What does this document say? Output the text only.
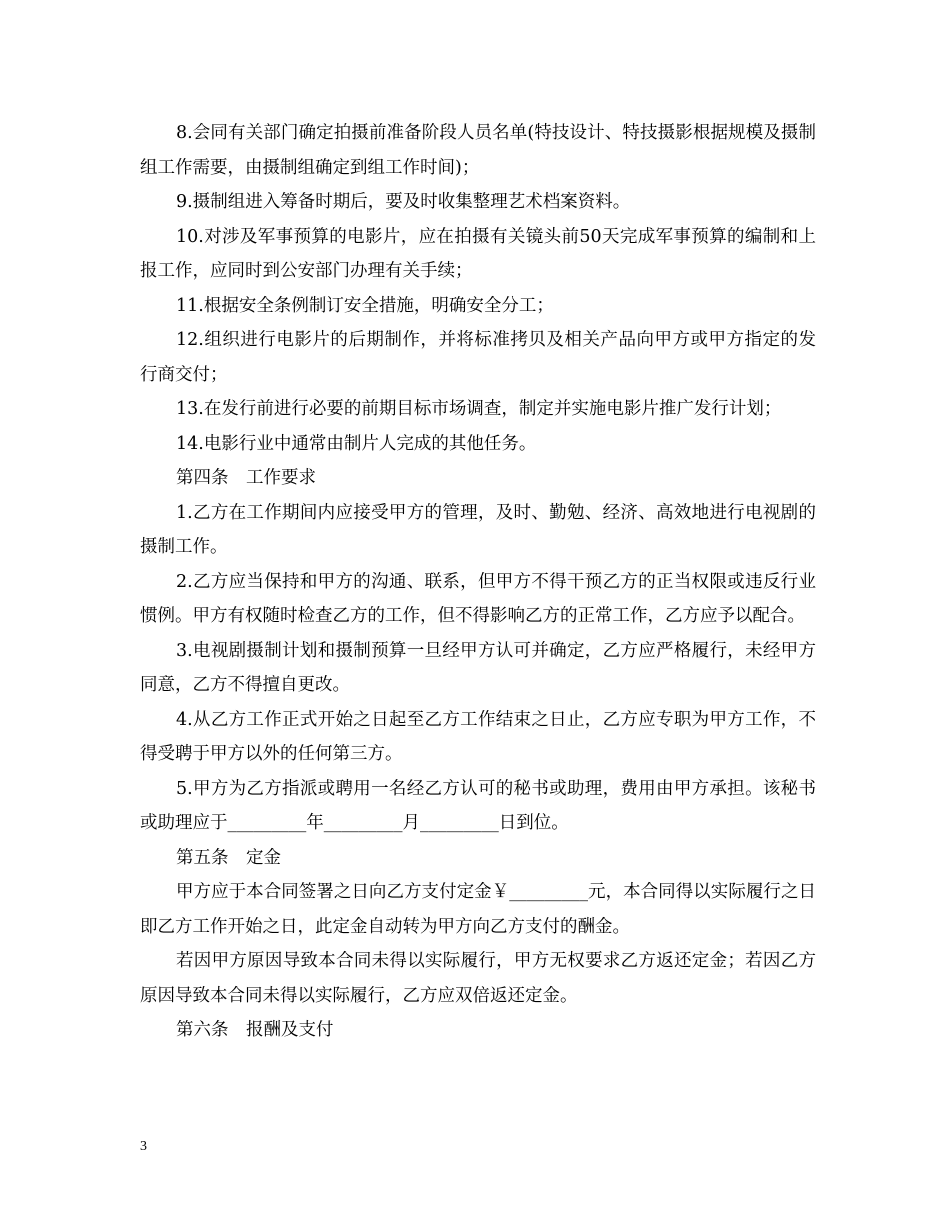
8.会同有关部门确定拍摄前准备阶段人员名单(特技设计、特技摄影根据规模及摄制组工作需要，由摄制组确定到组工作时间)；

9.摄制组进入筹备时期后，要及时收集整理艺术档案资料。

10.对涉及军事预算的电影片，应在拍摄有关镜头前50天完成军事预算的编制和上报工作，应同时到公安部门办理有关手续；

11.根据安全条例制订安全措施，明确安全分工；

12.组织进行电影片的后期制作，并将标准拷贝及相关产品向甲方或甲方指定的发行商交付；

13.在发行前进行必要的前期目标市场调查，制定并实施电影片推广发行计划；

14.电影行业中通常由制片人完成的其他任务。

第四条　工作要求

1.乙方在工作期间内应接受甲方的管理，及时、勤勉、经济、高效地进行电视剧的摄制工作。

2.乙方应当保持和甲方的沟通、联系，但甲方不得干预乙方的正当权限或违反行业惯例。甲方有权随时检查乙方的工作，但不得影响乙方的正常工作，乙方应予以配合。

3.电视剧摄制计划和摄制预算一旦经甲方认可并确定，乙方应严格履行，未经甲方同意，乙方不得擅自更改。

4.从乙方工作正式开始之日起至乙方工作结束之日止，乙方应专职为甲方工作，不得受聘于甲方以外的任何第三方。

5.甲方为乙方指派或聘用一名经乙方认可的秘书或助理，费用由甲方承担。该秘书或助理应于_________年_________月_________日到位。

第五条　定金

甲方应于本合同签署之日向乙方支付定金￥_________元，本合同得以实际履行之日即乙方工作开始之日，此定金自动转为甲方向乙方支付的酬金。

若因甲方原因导致本合同未得以实际履行，甲方无权要求乙方返还定金；若因乙方原因导致本合同未得以实际履行，乙方应双倍返还定金。

第六条　报酬及支付

3
